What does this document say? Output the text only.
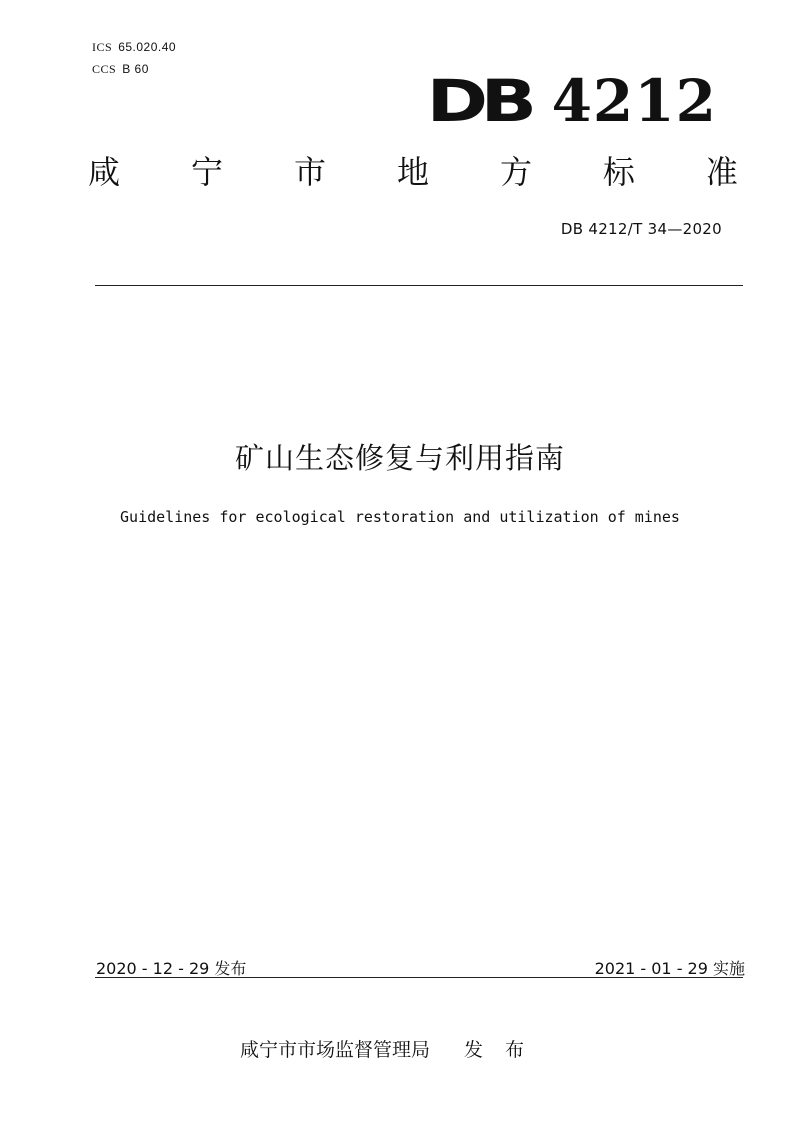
ICS 65.020.40
CCS B 60	DB 4212
咸 宁 市 地 方 标 准
DB 4212/T 34—2020
矿山生态修复与利用指南
Guidelines for ecological restoration and utilization of mines
2020 - 12 - 29 发布	2021 - 01 - 29 实施
咸宁市市场监督管理局 发 布
